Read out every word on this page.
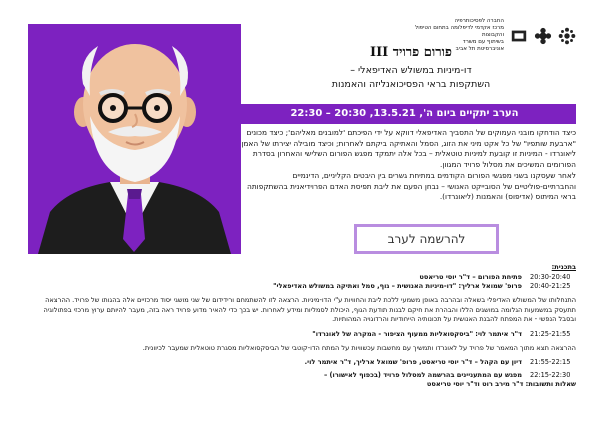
החברה לפסיכותרפיה
מרכז אקדמי לדיפלומה בתחום הטיפול
והקבוצות
בשיתוף עם משרד
אוניברסיטת תל אביב
פורום פרויד III
דו-מיניות במשולש האדיפאלי –
השתקפות בראי הפסיכואנליזה והאמנות
הערב יתקיים ביום ה', 13.5.21, 20:30 – 22:30

כיצד הודחקו מובני העמוקים של התסביך האדיפאלי דווקא על ידי הפיכתם 'למובנים מאליהם'; כיצד מכונים "ארבעת שותפיו" של כל אקט מיני את הזוג, הסמל והאתיקה ביקתם לאחרות; וכיצד מובילה יצירתו של האמן ליאונרדו - המיניות זו קובעת למיניות טוטאלית – בכל אלה יתמקד מפגש הפורום השלישי והאחרון בסדרת הפורומים המשיכים את מסלול פרויד המגוון.

לאחר שעסקנו בשני מפגשי הפורום הקודמים במתיחת גשרים בין היבטים הקליניים, הדינמיים והחברתיים-פוליטיים של הסובייקט האנושי – נבחן הפעם את ליבת תפיסת האדם הפרוידיאנית בהשתקפותה בראי המיתוס (אדיפוס) והאמנות (ליאונרדו).

להרשמה לערב
בתכנית:
20:30-20:40
פתיחת הפורום – ד"ר יוסי טריאסט
20:40-21:25
פרופ' שמואל ארליך: "דו-מיניות האנושית – גוף, סמל ואתיקה במשולש האדיפאלי"
התנחלותו של המשולש האדיפלי בשאלה ובהרבה באופן משמעי ללכת ליבת והחוויות ע"י הדו-מיניות. הרצאה לזו להשתמחם ורידידום של שני מושגי יסוד מרכזיים אלה בהגותו של פרויד. ההרצאה תתעסק במשמעות הגלומה במושגים הללו והבהרת את חיקם לבנות תודעת הגוף, היכולת לסמליות ומידע לאחרות. יש בכך כדי להאיר מדוע פרויד ראה בזה, מעבר להיותם ערוץ מרכזי בפתולוגיה ובסבל הנפשי - את המפתח להבנת האנושית על תכונותיה הייחודיות והרדוגויה המהותיות.
21:25-21:55
ד"ר איתמר לוי: "ביסקסואליות ממעוף הציפור - המקרה של לאונרדו"
ההרצאה תצא מתוך המאמר של פרויד על לאונרדו ותמשיך עם מחשבות עכשוויות על המתח הדו-קוטבי של הביסקסואליות מסגרת טוטאלית שמעבר לכיוונית.
21:55-22:15
דיון עם הקהל – ד"ר יוסי טריאסט, פרופ' שמואל ארליך, ד"ר איתמר לוי.
22:15-22:30
מפגש עם המתעניינים בהרשמה למסלול פרויד (בכפוף לאישורו) –
שאלות ותשובות: ד"ר מירב רוט וד"ר יוסי טריאסט
